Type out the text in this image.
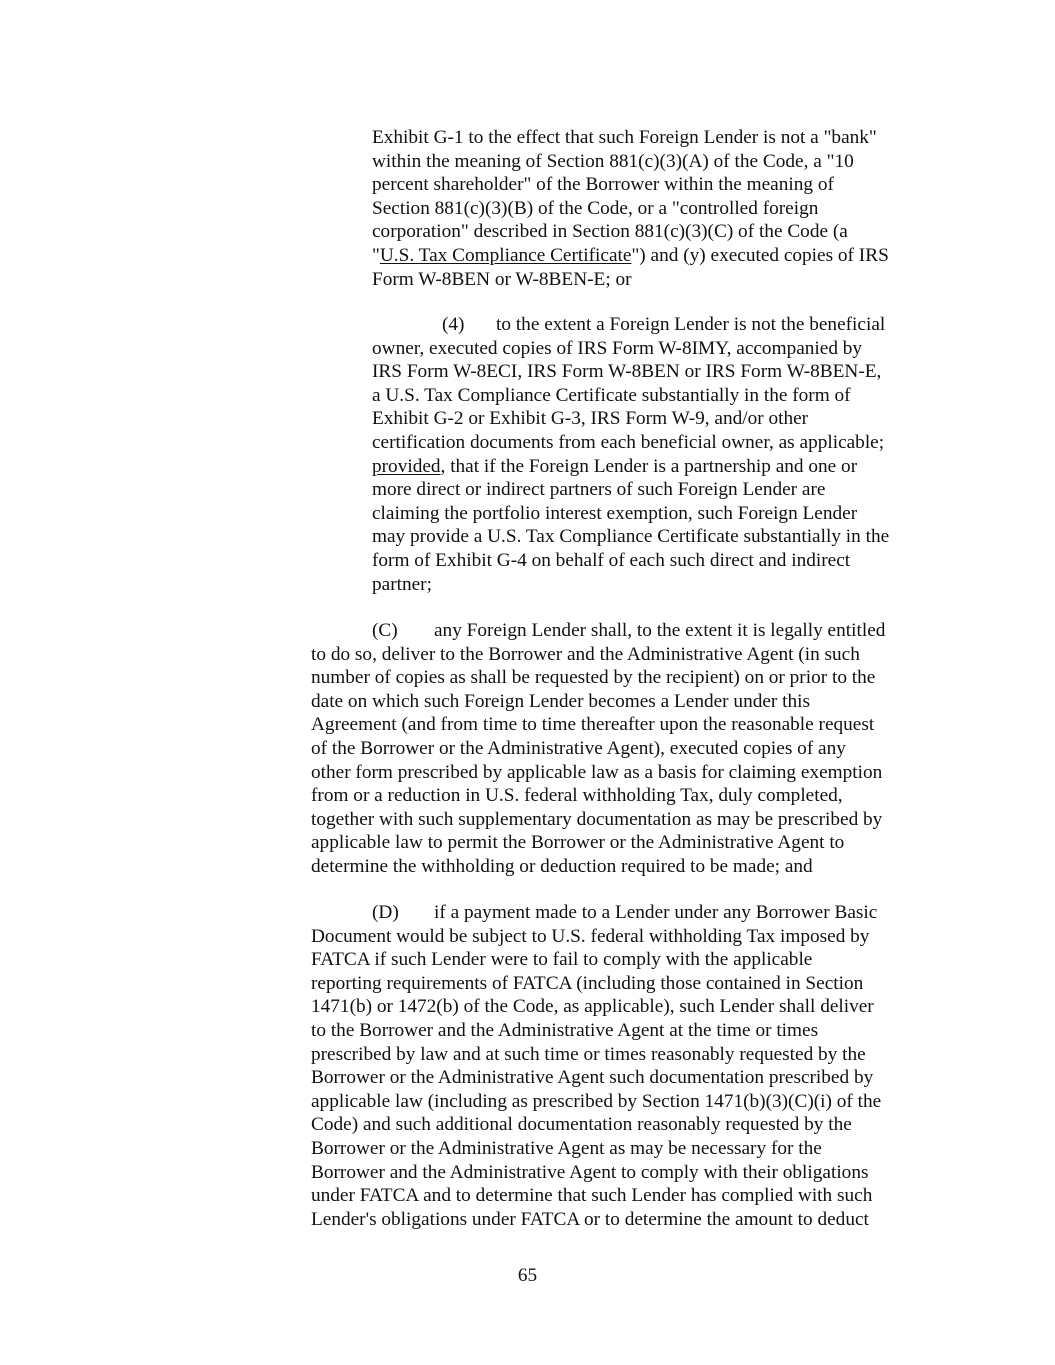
Exhibit G-1 to the effect that such Foreign Lender is not a "bank"
within the meaning of Section 881(c)(3)(A) of the Code, a "10
percent shareholder" of the Borrower within the meaning of
Section 881(c)(3)(B) of the Code, or a "controlled foreign
corporation" described in Section 881(c)(3)(C) of the Code (a
"U.S. Tax Compliance Certificate") and (y) executed copies of IRS
Form W-8BEN or W-8BEN-E; or
(4) to the extent a Foreign Lender is not the beneficial
owner, executed copies of IRS Form W-8IMY, accompanied by
IRS Form W-8ECI, IRS Form W-8BEN or IRS Form W-8BEN-E,
a U.S. Tax Compliance Certificate substantially in the form of
Exhibit G-2 or Exhibit G-3, IRS Form W-9, and/or other
certification documents from each beneficial owner, as applicable;
provided, that if the Foreign Lender is a partnership and one or
more direct or indirect partners of such Foreign Lender are
claiming the portfolio interest exemption, such Foreign Lender
may provide a U.S. Tax Compliance Certificate substantially in the
form of Exhibit G-4 on behalf of each such direct and indirect
partner;
(C) any Foreign Lender shall, to the extent it is legally entitled
to do so, deliver to the Borrower and the Administrative Agent (in such
number of copies as shall be requested by the recipient) on or prior to the
date on which such Foreign Lender becomes a Lender under this
Agreement (and from time to time thereafter upon the reasonable request
of the Borrower or the Administrative Agent), executed copies of any
other form prescribed by applicable law as a basis for claiming exemption
from or a reduction in U.S. federal withholding Tax, duly completed,
together with such supplementary documentation as may be prescribed by
applicable law to permit the Borrower or the Administrative Agent to
determine the withholding or deduction required to be made; and
(D) if a payment made to a Lender under any Borrower Basic
Document would be subject to U.S. federal withholding Tax imposed by
FATCA if such Lender were to fail to comply with the applicable
reporting requirements of FATCA (including those contained in Section
1471(b) or 1472(b) of the Code, as applicable), such Lender shall deliver
to the Borrower and the Administrative Agent at the time or times
prescribed by law and at such time or times reasonably requested by the
Borrower or the Administrative Agent such documentation prescribed by
applicable law (including as prescribed by Section 1471(b)(3)(C)(i) of the
Code) and such additional documentation reasonably requested by the
Borrower or the Administrative Agent as may be necessary for the
Borrower and the Administrative Agent to comply with their obligations
under FATCA and to determine that such Lender has complied with such
Lender's obligations under FATCA or to determine the amount to deduct
65
